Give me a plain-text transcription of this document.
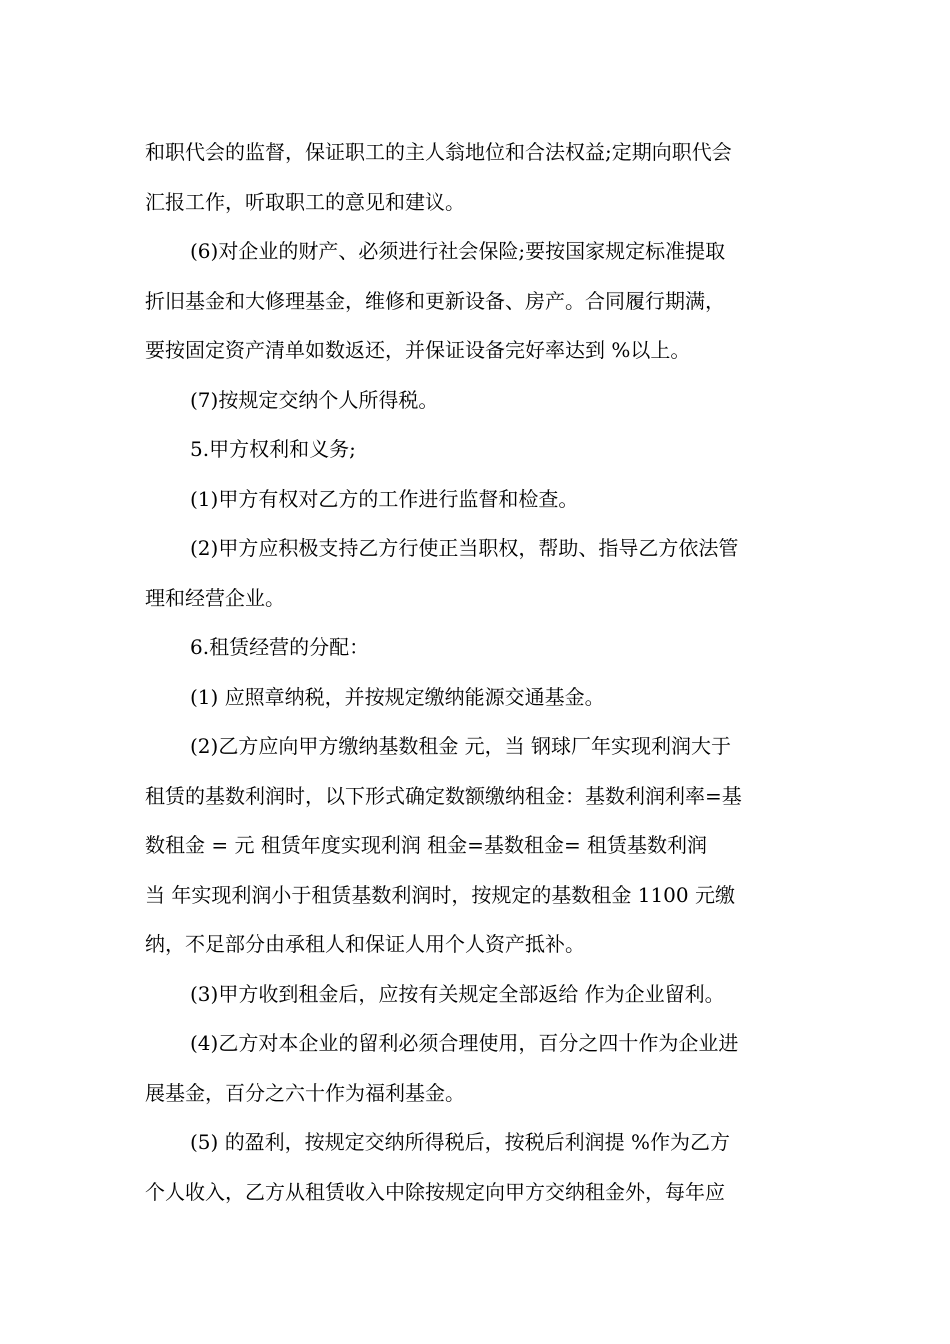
和职代会的监督，保证职工的主人翁地位和合法权益;定期向职代会
汇报工作，听取职工的意见和建议。
(6)对企业的财产、必须进行社会保险;要按国家规定标准提取
折旧基金和大修理基金，维修和更新设备、房产。合同履行期满，
要按固定资产清单如数返还，并保证设备完好率达到 %以上。
(7)按规定交纳个人所得税。
5.甲方权利和义务;
(1)甲方有权对乙方的工作进行监督和检查。
(2)甲方应积极支持乙方行使正当职权，帮助、指导乙方依法管
理和经营企业。
6.租赁经营的分配：
(1) 应照章纳税，并按规定缴纳能源交通基金。
(2)乙方应向甲方缴纳基数租金 元，当 钢球厂年实现利润大于
租赁的基数利润时，以下形式确定数额缴纳租金：基数利润利率=基
数租金 = 元 租赁年度实现利润 租金=基数租金= 租赁基数利润
当 年实现利润小于租赁基数利润时，按规定的基数租金 1100 元缴
纳，不足部分由承租人和保证人用个人资产抵补。
(3)甲方收到租金后，应按有关规定全部返给 作为企业留利。
(4)乙方对本企业的留利必须合理使用，百分之四十作为企业进
展基金，百分之六十作为福利基金。
(5) 的盈利，按规定交纳所得税后，按税后利润提 %作为乙方
个人收入，乙方从租赁收入中除按规定向甲方交纳租金外，每年应
